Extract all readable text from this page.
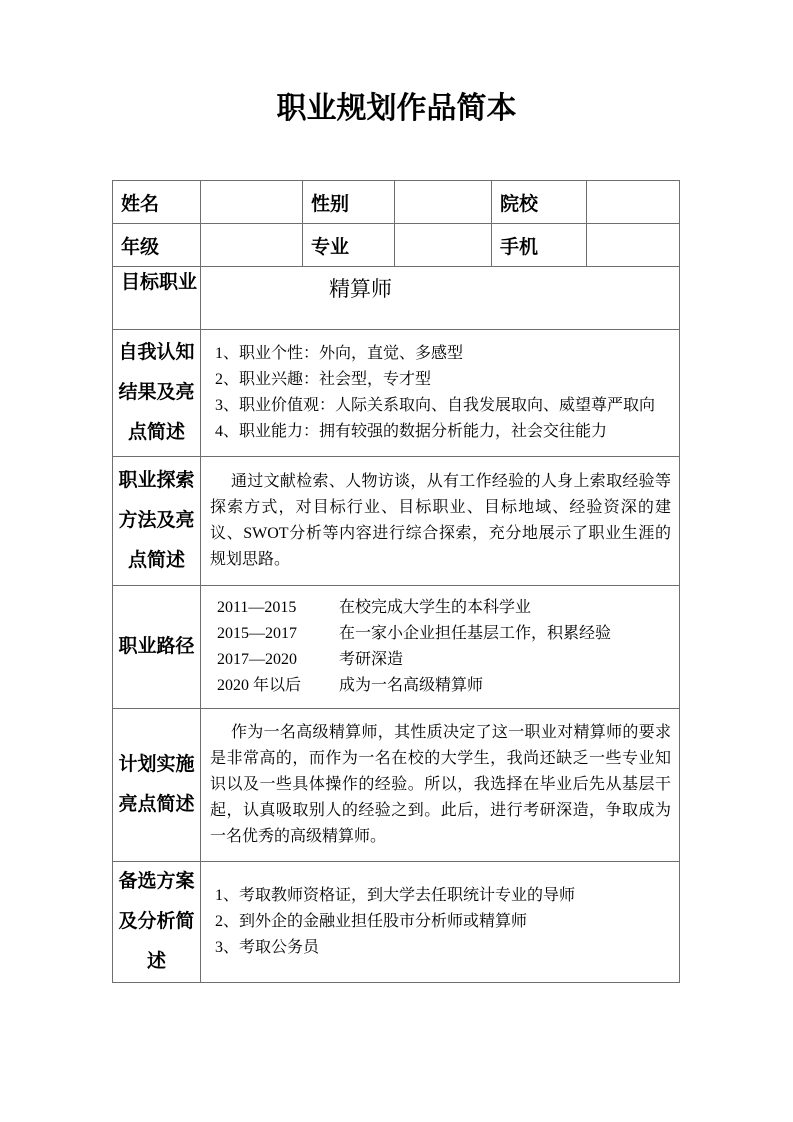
职业规划作品简本
姓名		性别		院校	
年级		专业		手机	
目标职业	精算师				

自我认知
结果及亮
点简述

1、职业个性：外向，直觉、多感型
2、职业兴趣：社会型，专才型
3、职业价值观：人际关系取向、自我发展取向、威望尊严取向
4、职业能力：拥有较强的数据分析能力，社会交往能力

职业探索
方法及亮
点简述	通过文献检索、人物访谈，从有工作经验的人身上索取经验等探索方式，对目标行业、目标职业、目标地域、经验资深的建议、SWOT分析等内容进行综合探索，充分地展示了职业生涯的规划思路。				

职业路径

2011—2015	在校完成大学生的本科学业
2015—2017	在一家小企业担任基层工作，积累经验
2017—2020	考研深造
2020 年以后	成为一名高级精算师

计划实施
亮点简述	作为一名高级精算师，其性质决定了这一职业对精算师的要求是非常高的，而作为一名在校的大学生，我尚还缺乏一些专业知识以及一些具体操作的经验。所以，我选择在毕业后先从基层干起，认真吸取别人的经验之到。此后，进行考研深造，争取成为一名优秀的高级精算师。				

备选方案
及分析简
述

1、考取教师资格证，到大学去任职统计专业的导师
2、到外企的金融业担任股市分析师或精算师
3、考取公务员
